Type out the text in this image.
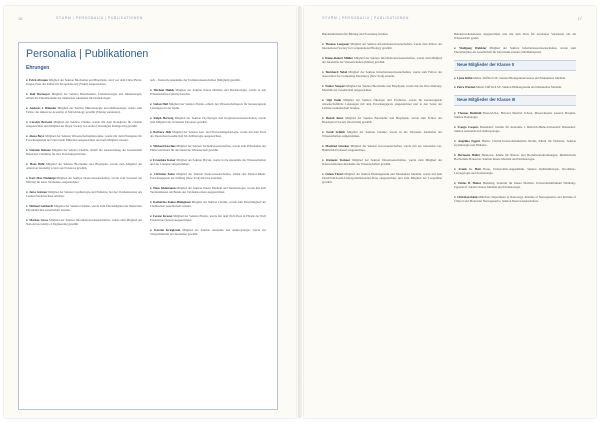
16	STURM | PERSONALIA | PUBLIKATIONEN
Personalia | Publikationen
Ehrungen
■Erich Abraum Mitglied der Sektion Biochemie und Biophysik, wird von dem Christ Hertz-Kuppe-Preis der Kultur für Erregendes eng (Einkl) ausgezeichnet.
■Rolf Barmeyer Mitglied der Sektion Hautmedizin, Endokrinologie und Immunologie, erhielt die Ehrenmedaille der Deutschen Akademie für Dermatologie.
■Andreas J. Bäumler Mitglied der Sektion Mikrobiologie und Immunologie, wurde zum Fellow der American Academy of Microbiology gewählt (Ehrung zuerkannt).
■Carolyn Bertozzi Mitglied der Sektion Chemie, wurde mit dem Nobelpreis für Chemie ausgezeichnet und Mitglied der Royal Society in London (Vereinigtes Königreich) gewählt.
■Alena Buyx Mitglied der Sektion Wissenschaftsphilosophie, wurde mit dem Ehrenpreis für Forschungsethik der Universität München ausgezeichnet und zum Mitglied ernannt.
■Stefanie Dehnen Mitglied der Sektion Chemie, erhielt die Auszeichnung der Gesellschaft Deutscher Chemiker für ihre Forschungsarbeiten.
■Hans Bühl Mitglied der Sektion Biochemie und Biophysik, wurde zum Mitglied der American Academy of Arts and Sciences gewählt.
■Karl Max Einhäupl Mitglied der Sektion Neurowissenschaften, wurde vom Vorstand der Stiftung für seine Verdienste ausgezeichnet.
■Jutta Gärtner Mitglied der Sektion Gynäkologie und Pädiatrie, hat den Verdienstorden des Landes Niedersachsen erhalten.
■Michael Gebhardt Mitglied der Sektion Chemie, wurde zum Ehrenmitglied der Deutschen Physikalischen Gesellschaft ernannt.
■Markus Gross Mitglied der Sektion Informationswissenschaften, wurde zum Mitglied der National Academy of Engineering gewählt.
tech – Deutsche Akademie der Technikwissenschaften (Mitglied) gewählt.
■Michael Hallek Mitglied der Sektion Innere Medizin und Dermatologie, wurde in den Wissenschaftsrat (Köln) berufen.
■Stefan Hell Mitglied der Sektion Physik, erhielt den Wissenschaftspreis für herausragende Leistungen in der Optik.
■Ralph Hertwig Mitglied der Sektion Psychologie und Kognitionswissenschaften, wurde zum Mitglied der Academia Europaea gewählt.
■Barbara Jüdt Mitglied der Sektion Gen- und Entwicklungsbiologie, wurde mit dem Preis der Deutschen Gesellschaft für Zellbiologie ausgezeichnet.
■Michael Kaschke Mitglied der Sektion Technikwissenschaften, wurde zum Präsidenten des Stifterverbandes für die Deutsche Wissenschaft gewählt.
■Franziska Kaiser Mitglied der Sektion Physik, wurde in die Akademie der Wissenschaften und der Literatur aufgenommen.
■Christian Keim Mitglied der Sektion Neurowissenschaften, erhielt den Eduard-Rhein-Forschungspreis der Stiftung (New York) für ihre Arbeiten.
■Hans Kleinmann Mitglied der Sektion Innere Medizin und Dermatologie, wurde mit dem Verdienstkreuz am Bande des Verdienstordens ausgezeichnet.
■Katharina Kohse-Höinghaus Mitglied der Sektion Chemie, wurde zum Ehrenmitglied der Chemischen Gesellschaft ernannt.
■Ferenc Krausz Mitglied der Sektion Physik, wurde mit dem Wolf-Preis in Physik der Wolf Foundation (Israel) ausgezeichnet.
■Kerstin Krieglstein Mitglied der Sektion Anatomie und Anthropologie, wurde zur Vizepräsidentin der Akademie gewählt.
STURM | PERSONALIA | PUBLIKATIONEN	17
Bundesministerin für Bildung und Forschung berufen.
■Thomas Lengauer Mitglied der Sektion Informationswissenschaften, wurde zum Fellow der International Society for Computational Biology gewählt.
■Klaus-Robert Müller Mitglied der Sektion Informationswissenschaften, wurde zum Mitglied der Akademie der Wissenschaften (Mainz) gewählt.
■Bernhard Nebel Mitglied der Sektion Informationswissenschaften, wurde zum Fellow der Association for Computing Machinery (New York) ernannt.
■Walter Neupert Mitglied der Sektion Biochemie und Biophysik, wurde mit der Otto-Warburg-Medaille der Gesellschaft ausgezeichnet.
■Ulpi Dolle Mitglied der Sektion Ökologie und Evolution, wurde für herausragende wissenschaftliche Leistungen mit dem Forschungspreis ausgezeichnet und in den Senat der Leibniz-Gemeinschaft berufen.
■Benoit Roux Mitglied der Sektion Biochemie und Biophysik, wurde zum Fellow der Biophysical Society (Rockville) gewählt.
■Ferdi Schüth Mitglied der Sektion Chemie, wurde in die Nationale Akademie der Wissenschaften aufgenommen.
■Manfred Strecker Mitglied der Sektion Geowissenschaften, wurde mit der Alexander-von-Humboldt-Professur ausgezeichnet.
■Klement Tockner Mitglied der Sektion Ökowissenschaften, wurde zum Mitglied der Österreichischen Akademie der Wissenschaften gewählt.
■Özlem Türeci Mitglied der Sektion Humangenetik und Molekulare Medizin, wurde mit dem Paul-Ehrlich-und-Ludwig-Darmstaedter-Preis ausgezeichnet und zum Mitglied der Leopoldina gewählt.
Bundesverdienstkreuz ausgezeichnet und mit dem Preis für besondere Verdienste um die Wissenschaft geehrt.
■Wolfgang Wahlster Mitglied der Sektion Informationswissenschaften, wurde zum Ehrenmitglied der Gesellschaft für Informatik ernannt (Jubiläumspreis).
Neue Mitglieder der Klasse II
■Ljuse Kühn Mainz, DiffTech SE, Sektion Bioingenieurswesen und Molekulare Medizin.
■Petra Wentzel Mainz, DiffTech SE, Sektion Humangenetik und Molekulare Medizin.
Neue Mitglieder der Klasse III
■Thomas Breitfeld Boston/USA, Harvard Medical School, Massachusetts General Hospital, Sektion Radiologie.
■Svenja Caspers Düsseldorf, Institut für Anatomie I, Heinrich-Heine-Universität Düsseldorf, Sektion Anatomie und Anthropologie.
■Angelika Eggert Berlin, Charité-Universitätsmedizin Berlin, Klinik für Pädiatrie, Sektion Gynäkologie und Pädiatrie.
■Hermann Haller Hannover, Klinik für Nieren- und Hochdruckerkrankungen, Medizinische Hochschule Hannover, Sektion Innere Medizin und Dermatologie.
■Frank G. Holz Bonn, Universitäts-Augenklinik, Sektion Ophthalmologie, Oto-Rhino-Laryngologie und Stomatologie.
■Tobias B. Huber Hamburg, Zentrum für Innere Medizin, Universitätsklinikum Hamburg-Eppendorf, Sektion Innere Medizin und Dermatologie.
■Christian Klein München, Department of Neurology, Institute of Neurogenetics and Institute of Clinical and Molecular Neurogenetics, Sektion Neurowissenschaften.
